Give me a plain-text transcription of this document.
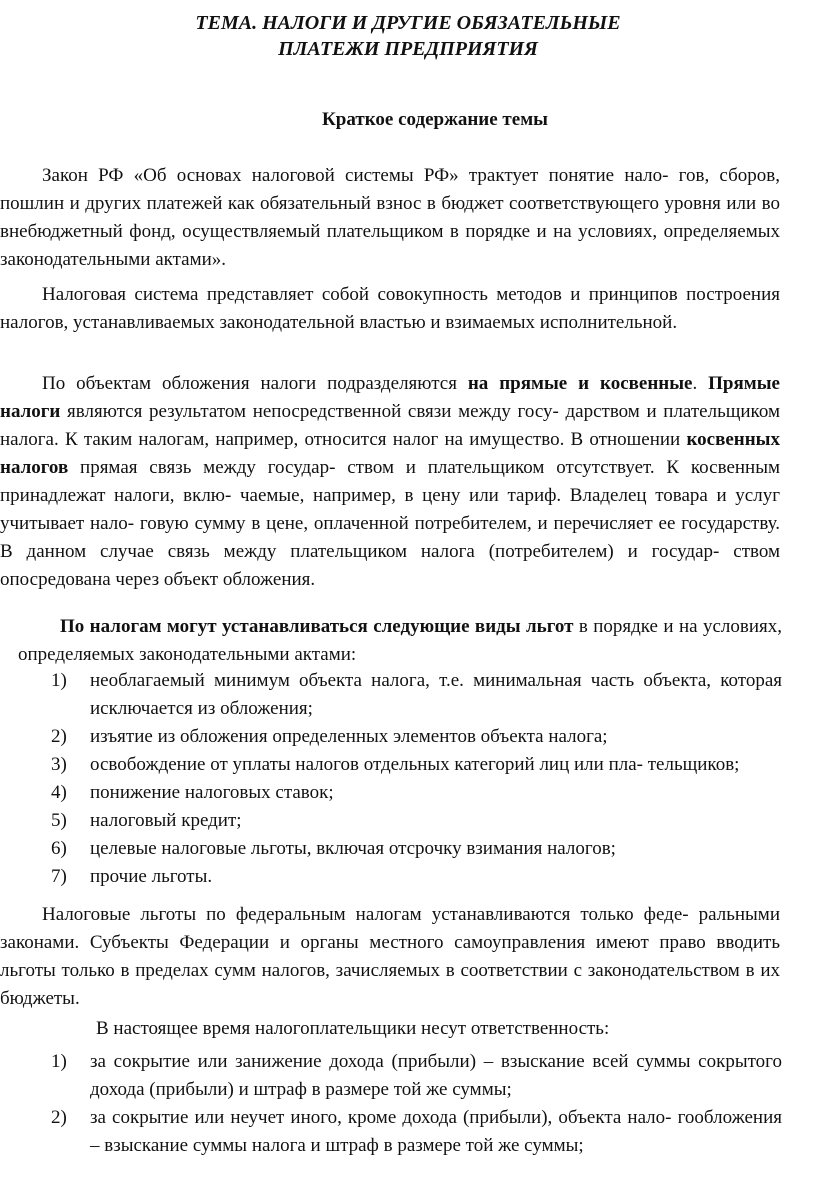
ТЕМА. НАЛОГИ И ДРУГИЕ ОБЯЗАТЕЛЬНЫЕ
ПЛАТЕЖИ ПРЕДПРИЯТИЯ
Краткое содержание темы

Закон РФ «Об основах налоговой системы РФ» трактует понятие нало- гов, сборов, пошлин и других платежей как обязательный взнос в бюджет соответствующего уровня или во внебюджетный фонд, осуществляемый плательщиком в порядке и на условиях, определяемых законодательными актами».

Налоговая система представляет собой совокупность методов и принципов построения налогов, устанавливаемых законодательной властью и взимаемых исполнительной.

По объектам обложения налоги подразделяются на прямые и косвенные. Прямые налоги являются результатом непосредственной связи между госу- дарством и плательщиком налога. К таким налогам, например, относится налог на имущество. В отношении косвенных налогов прямая связь между государ- ством и плательщиком отсутствует. К косвенным принадлежат налоги, вклю- чаемые, например, в цену или тариф. Владелец товара и услуг учитывает нало- говую сумму в цене, оплаченной потребителем, и перечисляет ее государству. В данном случае связь между плательщиком налога (потребителем) и государ- ством опосредована через объект обложения.

По налогам могут устанавливаться следующие виды льгот в порядке и на условиях, определяемых законодательными актами:

1) необлагаемый минимум объекта налога, т.е. минимальная часть объекта, которая исключается из обложения;
2) изъятие из обложения определенных элементов объекта налога;
3) освобождение от уплаты налогов отдельных категорий лиц или пла- тельщиков;
4) понижение налоговых ставок;
5) налоговый кредит;
6) целевые налоговые льготы, включая отсрочку взимания налогов;
7) прочие льготы.

Налоговые льготы по федеральным налогам устанавливаются только феде- ральными законами. Субъекты Федерации и органы местного самоуправления имеют право вводить льготы только в пределах сумм налогов, зачисляемых в соответствии с законодательством в их бюджеты.

В настоящее время налогоплательщики несут ответственность:

1) за сокрытие или занижение дохода (прибыли) – взыскание всей суммы сокрытого дохода (прибыли) и штраф в размере той же суммы;
2) за сокрытие или неучет иного, кроме дохода (прибыли), объекта нало- гообложения – взыскание суммы налога и штраф в размере той же суммы;
